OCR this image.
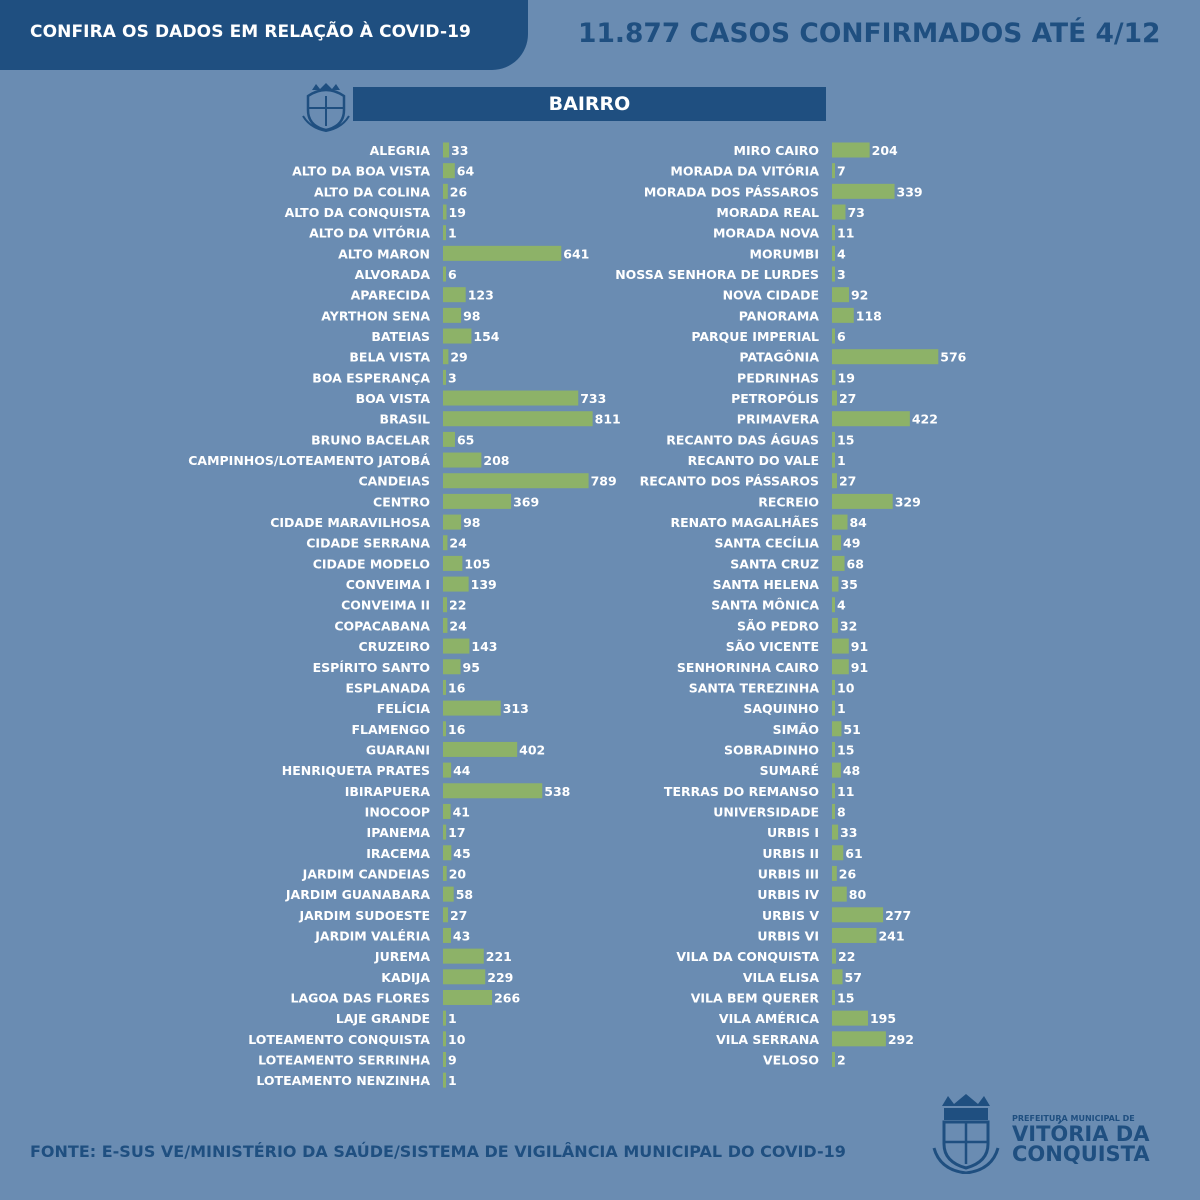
CONFIRA OS DADOS EM RELAÇÃO À COVID-19	11.877 CASOS CONFIRMADOS ATÉ 4/12
BAIRRO
ALEGRIA 33
ALTO DA BOA VISTA 64
ALTO DA COLINA 26
ALTO DA CONQUISTA 19
ALTO DA VITÓRIA 1
ALTO MARON	641
ALVORADA 6
APARECIDA	123
AYRTHON SENA	98
BATEIAS	154
BELA VISTA 29
BOA ESPERANÇA 3
BOA VISTA	733
BRASIL	811
BRUNO BACELAR 65
CAMPINHOS/LOTEAMENTO JATOBÁ	208
CANDEIAS	789
CENTRO	369
CIDADE MARAVILHOSA	98
CIDADE SERRANA 24
CIDADE MODELO	105
CONVEIMA I	139
CONVEIMA II 22
COPACABANA 24
CRUZEIRO	143
ESPÍRITO SANTO	95
ESPLANADA 16
FELÍCIA	313
FLAMENGO 16
GUARANI	402
HENRIQUETA PRATES 44
IBIRAPUERA	538
INOCOOP 41
IPANEMA 17
IRACEMA 45
JARDIM CANDEIAS 20
JARDIM GUANABARA 58
JARDIM SUDOESTE 27
JARDIM VALÉRIA 43
JUREMA	221
KADIJA	229
LAGOA DAS FLORES	266
LAJE GRANDE 1
LOTEAMENTO CONQUISTA 10
LOTEAMENTO SERRINHA 9
LOTEAMENTO NENZINHA 1
MIRO CAIRO	204
MORADA DA VITÓRIA 7
MORADA DOS PÁSSAROS	339
MORADA REAL 73
MORADA NOVA 11
MORUMBI 4
NOSSA SENHORA DE LURDES 3
NOVA CIDADE	92
PANORAMA	118
PARQUE IMPERIAL 6
PATAGÔNIA	576
PEDRINHAS 19
PETROPÓLIS 27
PRIMAVERA	422
RECANTO DAS ÁGUAS 15
RECANTO DO VALE 1
RECANTO DOS PÁSSAROS 27
RECREIO	329
RENATO MAGALHÃES 84
SANTA CECÍLIA 49
SANTA CRUZ 68
SANTA HELENA 35
SANTA MÔNICA 4
SÃO PEDRO 32
SÃO VICENTE	91
SENHORINHA CAIRO	91
SANTA TEREZINHA 10
SAQUINHO 1
SIMÃO 51
SOBRADINHO 15
SUMARÉ 48
TERRAS DO REMANSO 11
UNIVERSIDADE 8
URBIS I 33
URBIS II 61
URBIS III 26
URBIS IV 80
URBIS V	277
URBIS VI	241
VILA DA CONQUISTA 22
VILA ELISA 57
VILA BEM QUERER 15
VILA AMÉRICA	195
VILA SERRANA	292
VELOSO 2
FONTE: E-SUS VE/MINISTÉRIO DA SAÚDE/SISTEMA DE VIGILÂNCIA MUNICIPAL DO COVID-19
PREFEITURA MUNICIPAL DE
VITÓRIA DA CONQUISTA
